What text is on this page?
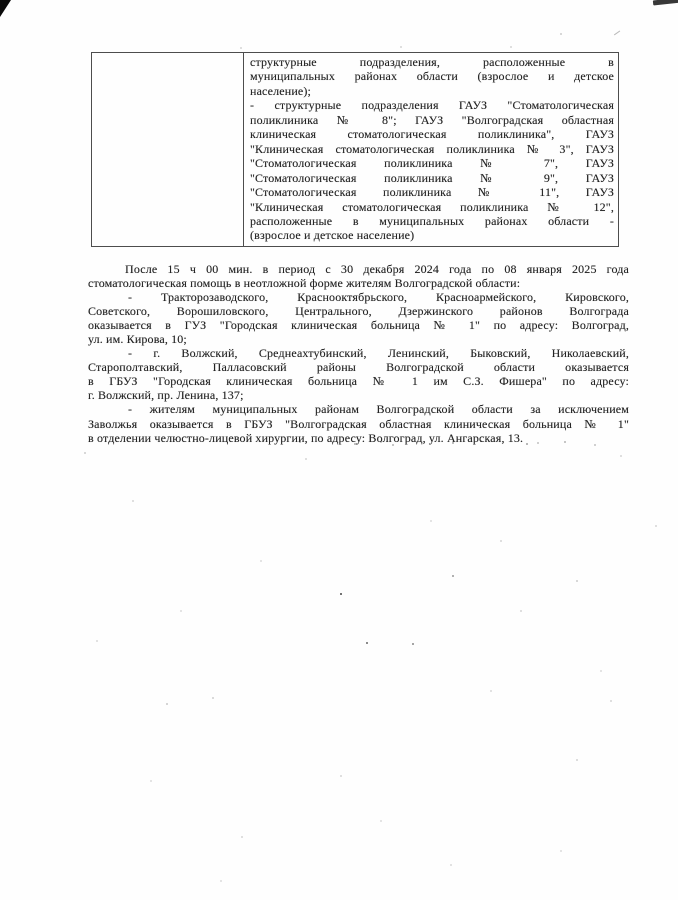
структурные подразделения, расположенные в
муниципальных районах области (взрослое и детское
население);
- структурные подразделения ГАУЗ "Стоматологическая
поликлиника № 8"; ГАУЗ "Волгоградская областная
клиническая стоматологическая поликлиника", ГАУЗ
"Клиническая стоматологическая поликлиника № 3", ГАУЗ
"Стоматологическая поликлиника № 7", ГАУЗ
"Стоматологическая поликлиника № 9", ГАУЗ
"Стоматологическая поликлиника № 11", ГАУЗ
"Клиническая стоматологическая поликлиника № 12",
расположенные в муниципальных районах области -
(взрослое и детское население)
После 15 ч 00 мин. в период с 30 декабря 2024 года по 08 января 2025 года
стоматологическая помощь в неотложной форме жителям Волгоградской области:
- Тракторозаводского, Краснооктябрьского, Красноармейского, Кировского,
Советского, Ворошиловского, Центрального, Дзержинского районов Волгограда
оказывается в ГУЗ "Городская клиническая больница № 1" по адресу: Волгоград,
ул. им. Кирова, 10;
- г. Волжский, Среднеахтубинский, Ленинский, Быковский, Николаевский,
Старополтавский, Палласовский районы Волгоградской области оказывается
в ГБУЗ "Городская клиническая больница № 1 им С.З. Фишера" по адресу:
г. Волжский, пр. Ленина, 137;
- жителям муниципальных районам Волгоградской области за исключением
Заволжья оказывается в ГБУЗ "Волгоградская областная клиническая больница № 1"
в отделении челюстно-лицевой хирургии, по адресу: Волгоград, ул. Ангарская, 13.
